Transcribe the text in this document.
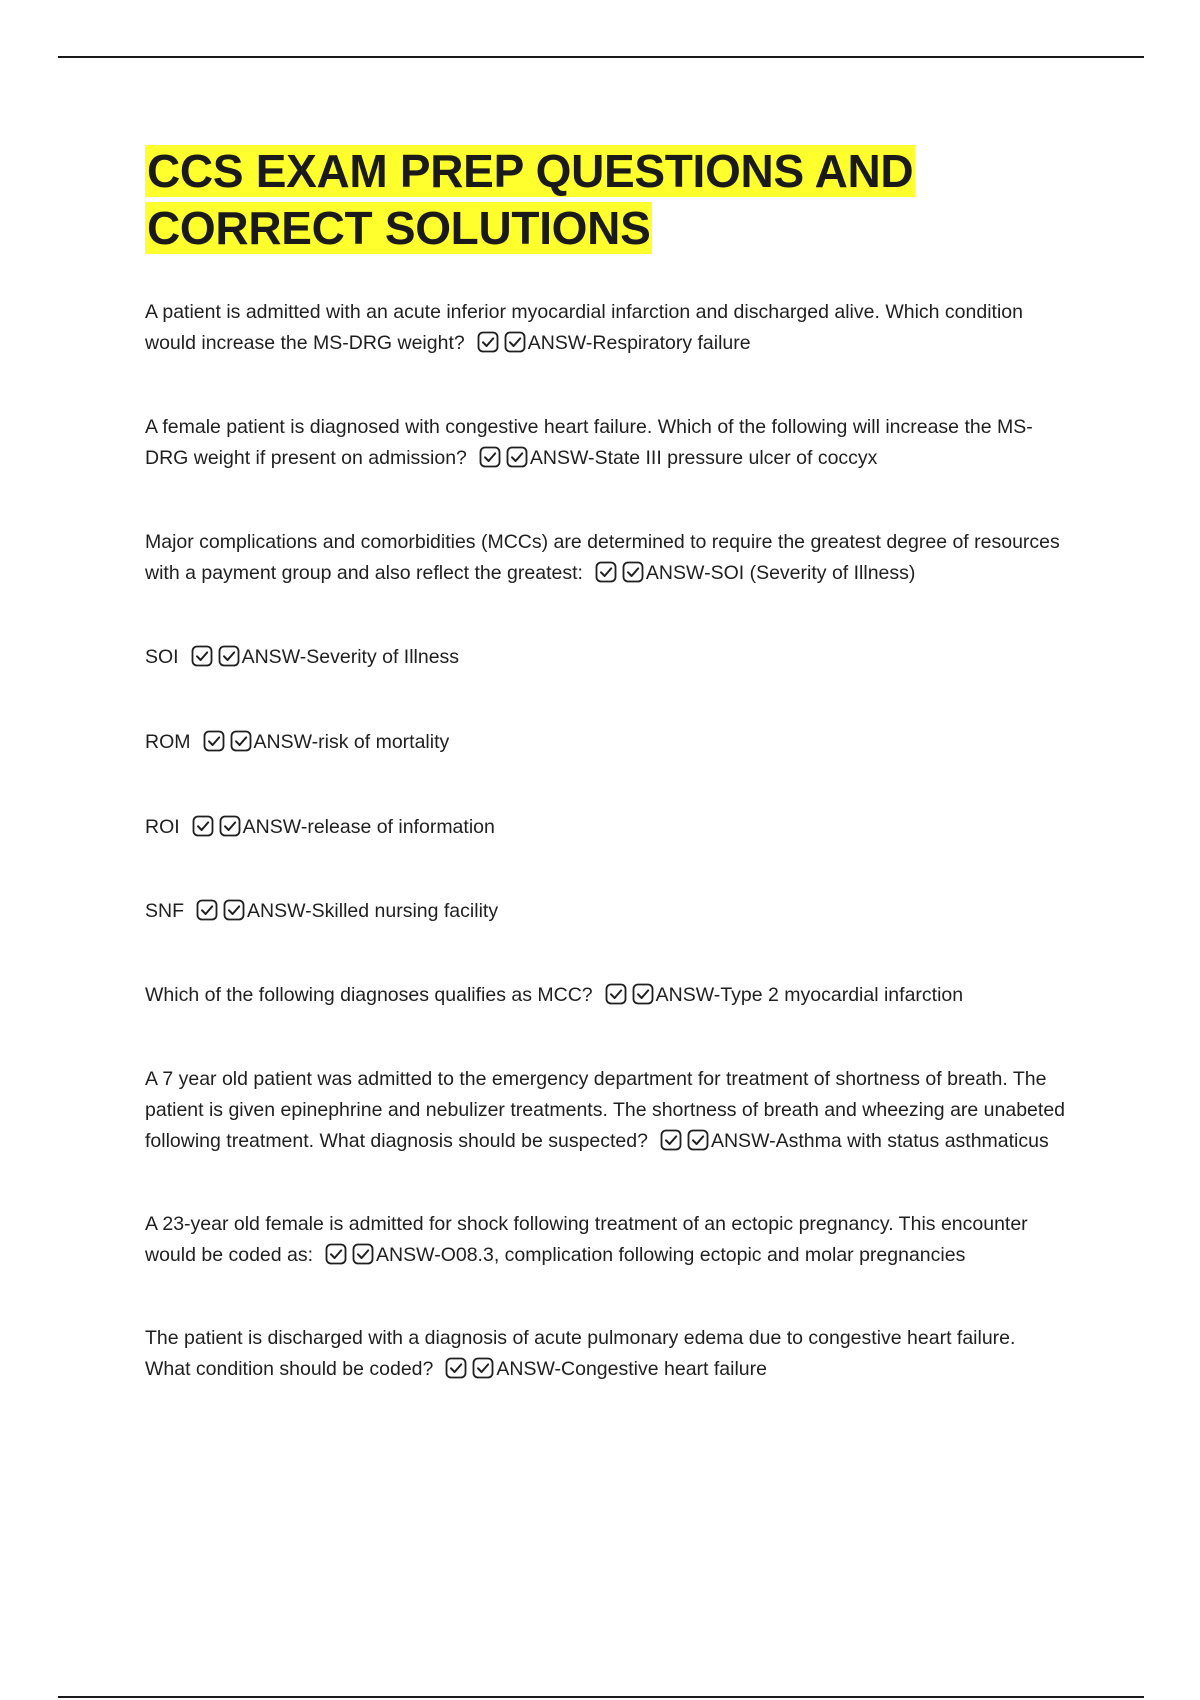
CCS EXAM PREP QUESTIONS AND CORRECT SOLUTIONS

A patient is admitted with an acute inferior myocardial infarction and discharged alive. Which condition would increase the MS-DRG weight?	ANSW-Respiratory failure

A female patient is diagnosed with congestive heart failure. Which of the following will increase the MS-DRG weight if present on admission?	ANSW-State III pressure ulcer of coccyx

Major complications and comorbidities (MCCs) are determined to require the greatest degree of resources with a payment group and also reflect the greatest:	ANSW-SOI (Severity of Illness)

SOI	ANSW-Severity of Illness

ROM	ANSW-risk of mortality

ROI	ANSW-release of information

SNF	ANSW-Skilled nursing facility

Which of the following diagnoses qualifies as MCC?	ANSW-Type 2 myocardial infarction

A 7 year old patient was admitted to the emergency department for treatment of shortness of breath. The patient is given epinephrine and nebulizer treatments. The shortness of breath and wheezing are unabeted following treatment. What diagnosis should be suspected?	ANSW-Asthma with status asthmaticus

A 23-year old female is admitted for shock following treatment of an ectopic pregnancy. This encounter would be coded as:	ANSW-O08.3, complication following ectopic and molar pregnancies

The patient is discharged with a diagnosis of acute pulmonary edema due to congestive heart failure. What condition should be coded?	ANSW-Congestive heart failure
